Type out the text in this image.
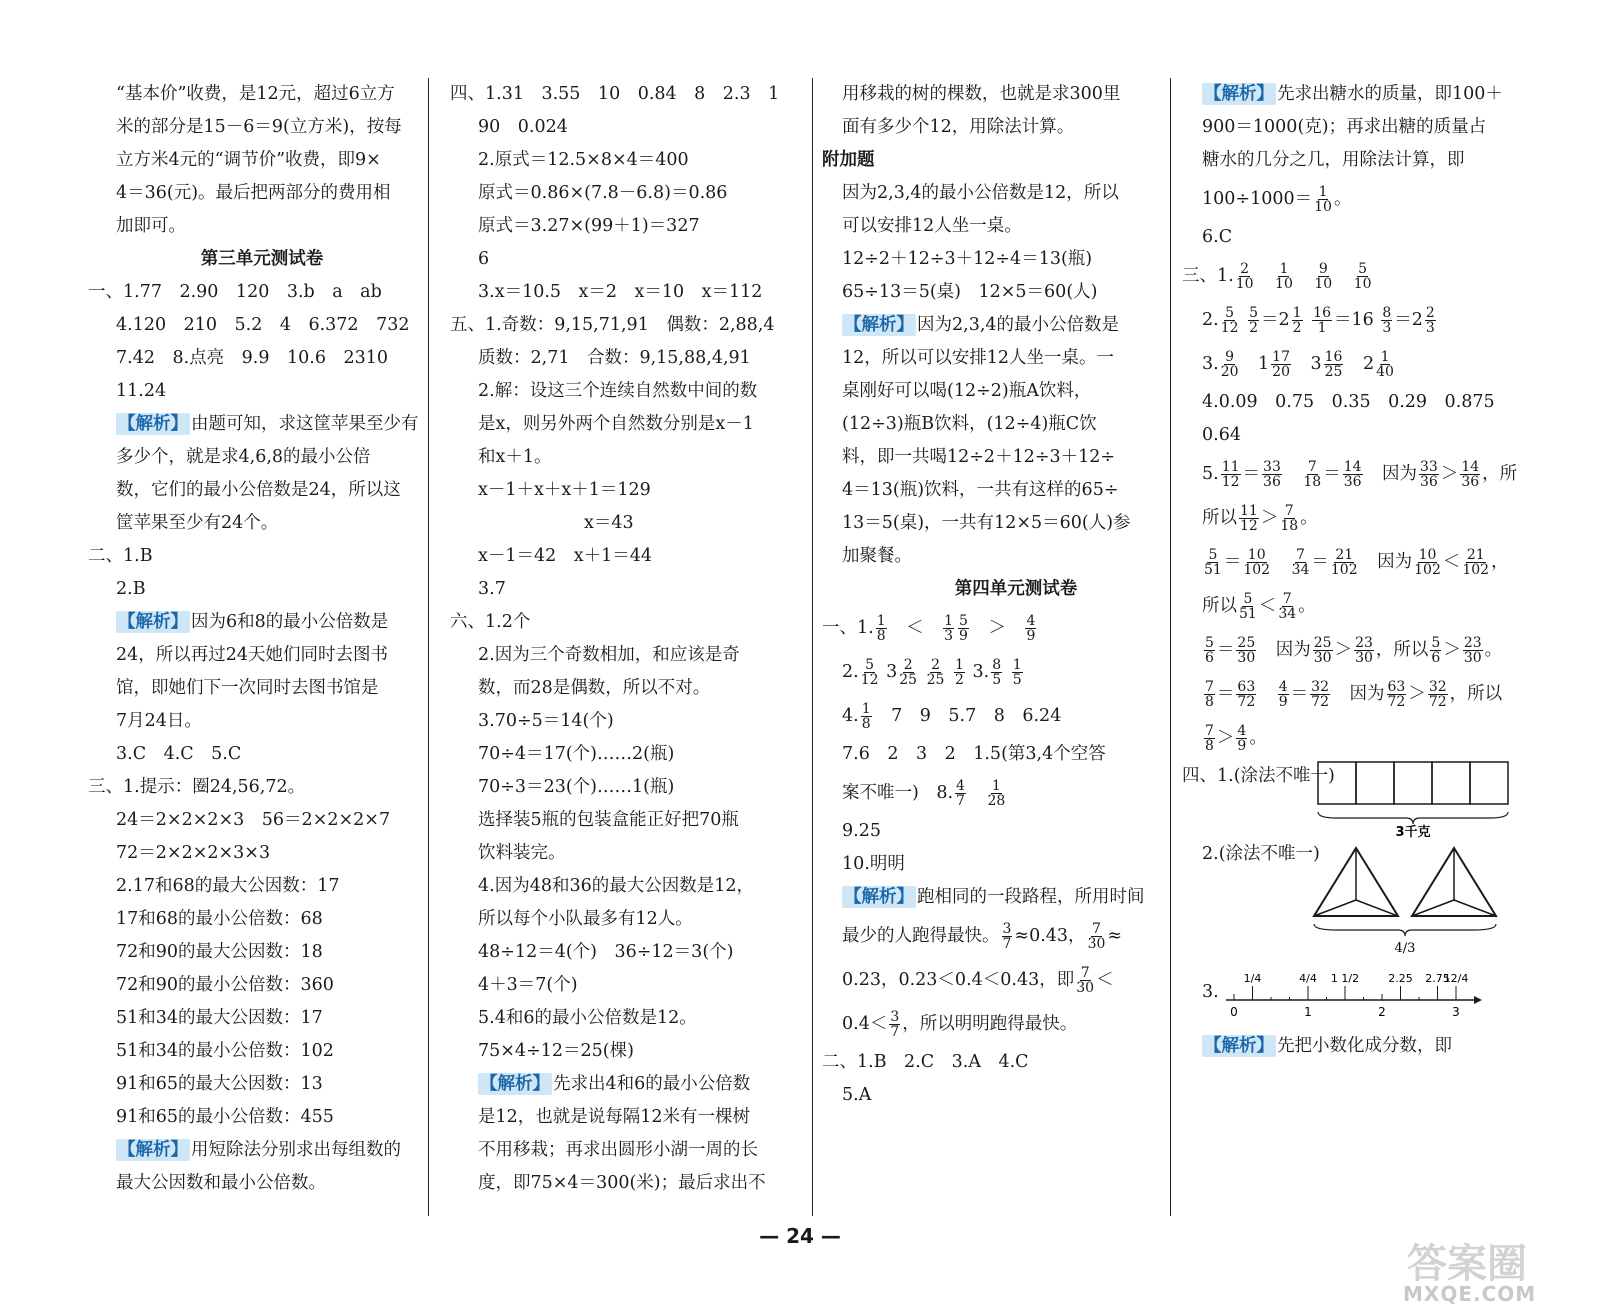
“基本价”收费，是12元，超过6立方
米的部分是15－6＝9(立方米)，按每
立方米4元的“调节价”收费，即9×
4＝36(元)。最后把两部分的费用相
加即可。
第三单元测试卷
一、1.77　2.90　120　3.b　a　ab
4.120　210　5.2　4　6.372　732
7.42　8.点亮　9.9　10.6　2310
11.24
【解析】 由题可知，求这筐苹果至少有
多少个，就是求4,6,8的最小公倍
数，它们的最小公倍数是24，所以这
筐苹果至少有24个。
二、1.B
2.B
【解析】 因为6和8的最小公倍数是
24，所以再过24天她们同时去图书
馆，即她们下一次同时去图书馆是
7月24日。
3.C　4.C　5.C
三、1.提示：圈24,56,72。
24＝2×2×2×3　56＝2×2×2×7
72＝2×2×2×3×3
2.17和68的最大公因数：17
17和68的最小公倍数：68
72和90的最大公因数：18
72和90的最小公倍数：360
51和34的最大公因数：17
51和34的最小公倍数：102
91和65的最大公因数：13
91和65的最小公倍数：455
【解析】 用短除法分别求出每组数的
最大公因数和最小公倍数。
四、1.31　3.55　10　0.84　8　2.3　1
90　0.024
2.原式＝12.5×8×4＝400
原式＝0.86×(7.8－6.8)＝0.86
原式＝3.27×(99＋1)＝327
6
3.x＝10.5　x＝2　x＝10　x＝112
五、1.奇数：9,15,71,91　偶数：2,88,4
质数：2,71　合数：9,15,88,4,91
2.解：设这三个连续自然数中间的数
是x，则另外两个自然数分别是x－1
和x＋1。
x－1＋x＋x＋1＝129
x＝43
x－1＝42　x＋1＝44
3.7
六、1.2个
2.因为三个奇数相加，和应该是奇
数，而28是偶数，所以不对。
3.70÷5＝14(个)
70÷4＝17(个)……2(瓶)
70÷3＝23(个)……1(瓶)
选择装5瓶的包装盒能正好把70瓶
饮料装完。
4.因为48和36的最大公因数是12，
所以每个小队最多有12人。
48÷12＝4(个)　36÷12＝3(个)
4＋3＝7(个)
5.4和6的最小公倍数是12。
75×4÷12＝25(棵)
【解析】 先求出4和6的最小公倍数
是12，也就是说每隔12米有一棵树
不用移栽；再求出圆形小湖一周的长
度，即75×4＝300(米)；最后求出不
用移栽的树的棵数，也就是求300里
面有多少个12，用除法计算。
附加题
因为2,3,4的最小公倍数是12，所以
可以安排12人坐一桌。
12÷2＋12÷3＋12÷4＝13(瓶)
65÷13＝5(桌)　12×5＝60(人)
【解析】 因为2,3,4的最小公倍数是
12，所以可以安排12人坐一桌。一
桌刚好可以喝(12÷2)瓶A饮料，
(12÷3)瓶B饮料，(12÷4)瓶C饮
料，即一共喝12÷2＋12÷3＋12÷
4＝13(瓶)饮料，一共有这样的65÷
13＝5(桌)，一共有12×5＝60(人)参
加聚餐。
第四单元测试卷
一、1. $\frac{1}{8}$ 　＜　 $\frac{1}{3} \frac{5}{9}$ 　＞　 $\frac{4}{9}$
2. $\frac{5}{12} 3 \frac{2}{25}$
$\frac{2}{25}$
$\frac{1}{2} 3$. $\frac{8}{5}$
$\frac{1}{5}$
4. $\frac{1}{8}$ 　7　9　5.7　8　6.24
7.6　2　3　2　1.5(第3,4个空答
案不唯一)　8. $\frac{4}{7}$
　 $\frac{1}{28}$
9.25
10.明明
【解析】 跑相同的一段路程，所用时间
最少的人跑得最快。 $\frac{3}{7} \approx 0.43$， $\frac{7}{30}$ ≈
0.23，0.23＜0.4＜0.43，即 $\frac{7}{30}$ ＜
$0.4< \frac{3}{7}$ ，所以明明跑得最快。
二、1.B　2.C　3.A　4.C
5.A
【解析】 先求出糖水的质量，即100＋
900＝1000(克)；再求出糖的质量占
糖水的几分之几，用除法计算，即
$100\div 1000= \frac{1}{10}$ 。
6.C
三、1. $\frac{2}{10}$
　 $\frac{1}{10}$
　 $\frac{9}{10}$
　 $\frac{5}{10}$
2. $\frac{5}{12}$
$\frac{5}{2} =2 \frac{1}{2}$
$\frac{16}{1} =16 \frac{8}{3} =2 \frac{2}{3}$
3. $\frac{9}{20}$ 　$1 \frac{17}{20}$ 　$3 \frac{16}{25}$ 　$2 \frac{1}{40}$
4.0.09　0.75　0.35　0.29　0.875
0.64
5. $\frac{11}{12} = \frac{33}{36}$
　 $\frac{7}{18} = \frac{14}{36}$ 　因为 $\frac{33}{36} > \frac{14}{36}$ ，所
所以 $\frac{11}{12} > \frac{7}{18}$ 。
$\frac{5}{51} = \frac{10}{102}$
　 $\frac{7}{34} = \frac{21}{102}$ 　因为 $\frac{10}{102} < \frac{21}{102}$ ，
所以 $\frac{5}{51} < \frac{7}{34}$ 。
$\frac{5}{6} = \frac{25}{30}$ 　因为 $\frac{25}{30} > \frac{23}{30}$ ，所以 $\frac{5}{6} > \frac{23}{30}$ 。
$\frac{7}{8} = \frac{63}{72}$
　 $\frac{4}{9} = \frac{32}{72}$ 　因为 $\frac{63}{72} > \frac{32}{72}$ ，所以
$\frac{7}{8} > \frac{4}{9}$ 。
四、1.(涂法不唯一)
3千克
2.(涂法不唯一)
4/3
3.
0	1	2	3
1/4	4/4 1 1/2	2.25 2.75
12/4
【解析】 先把小数化成分数，即
— 24 —
答案圈
MXQE.COM
